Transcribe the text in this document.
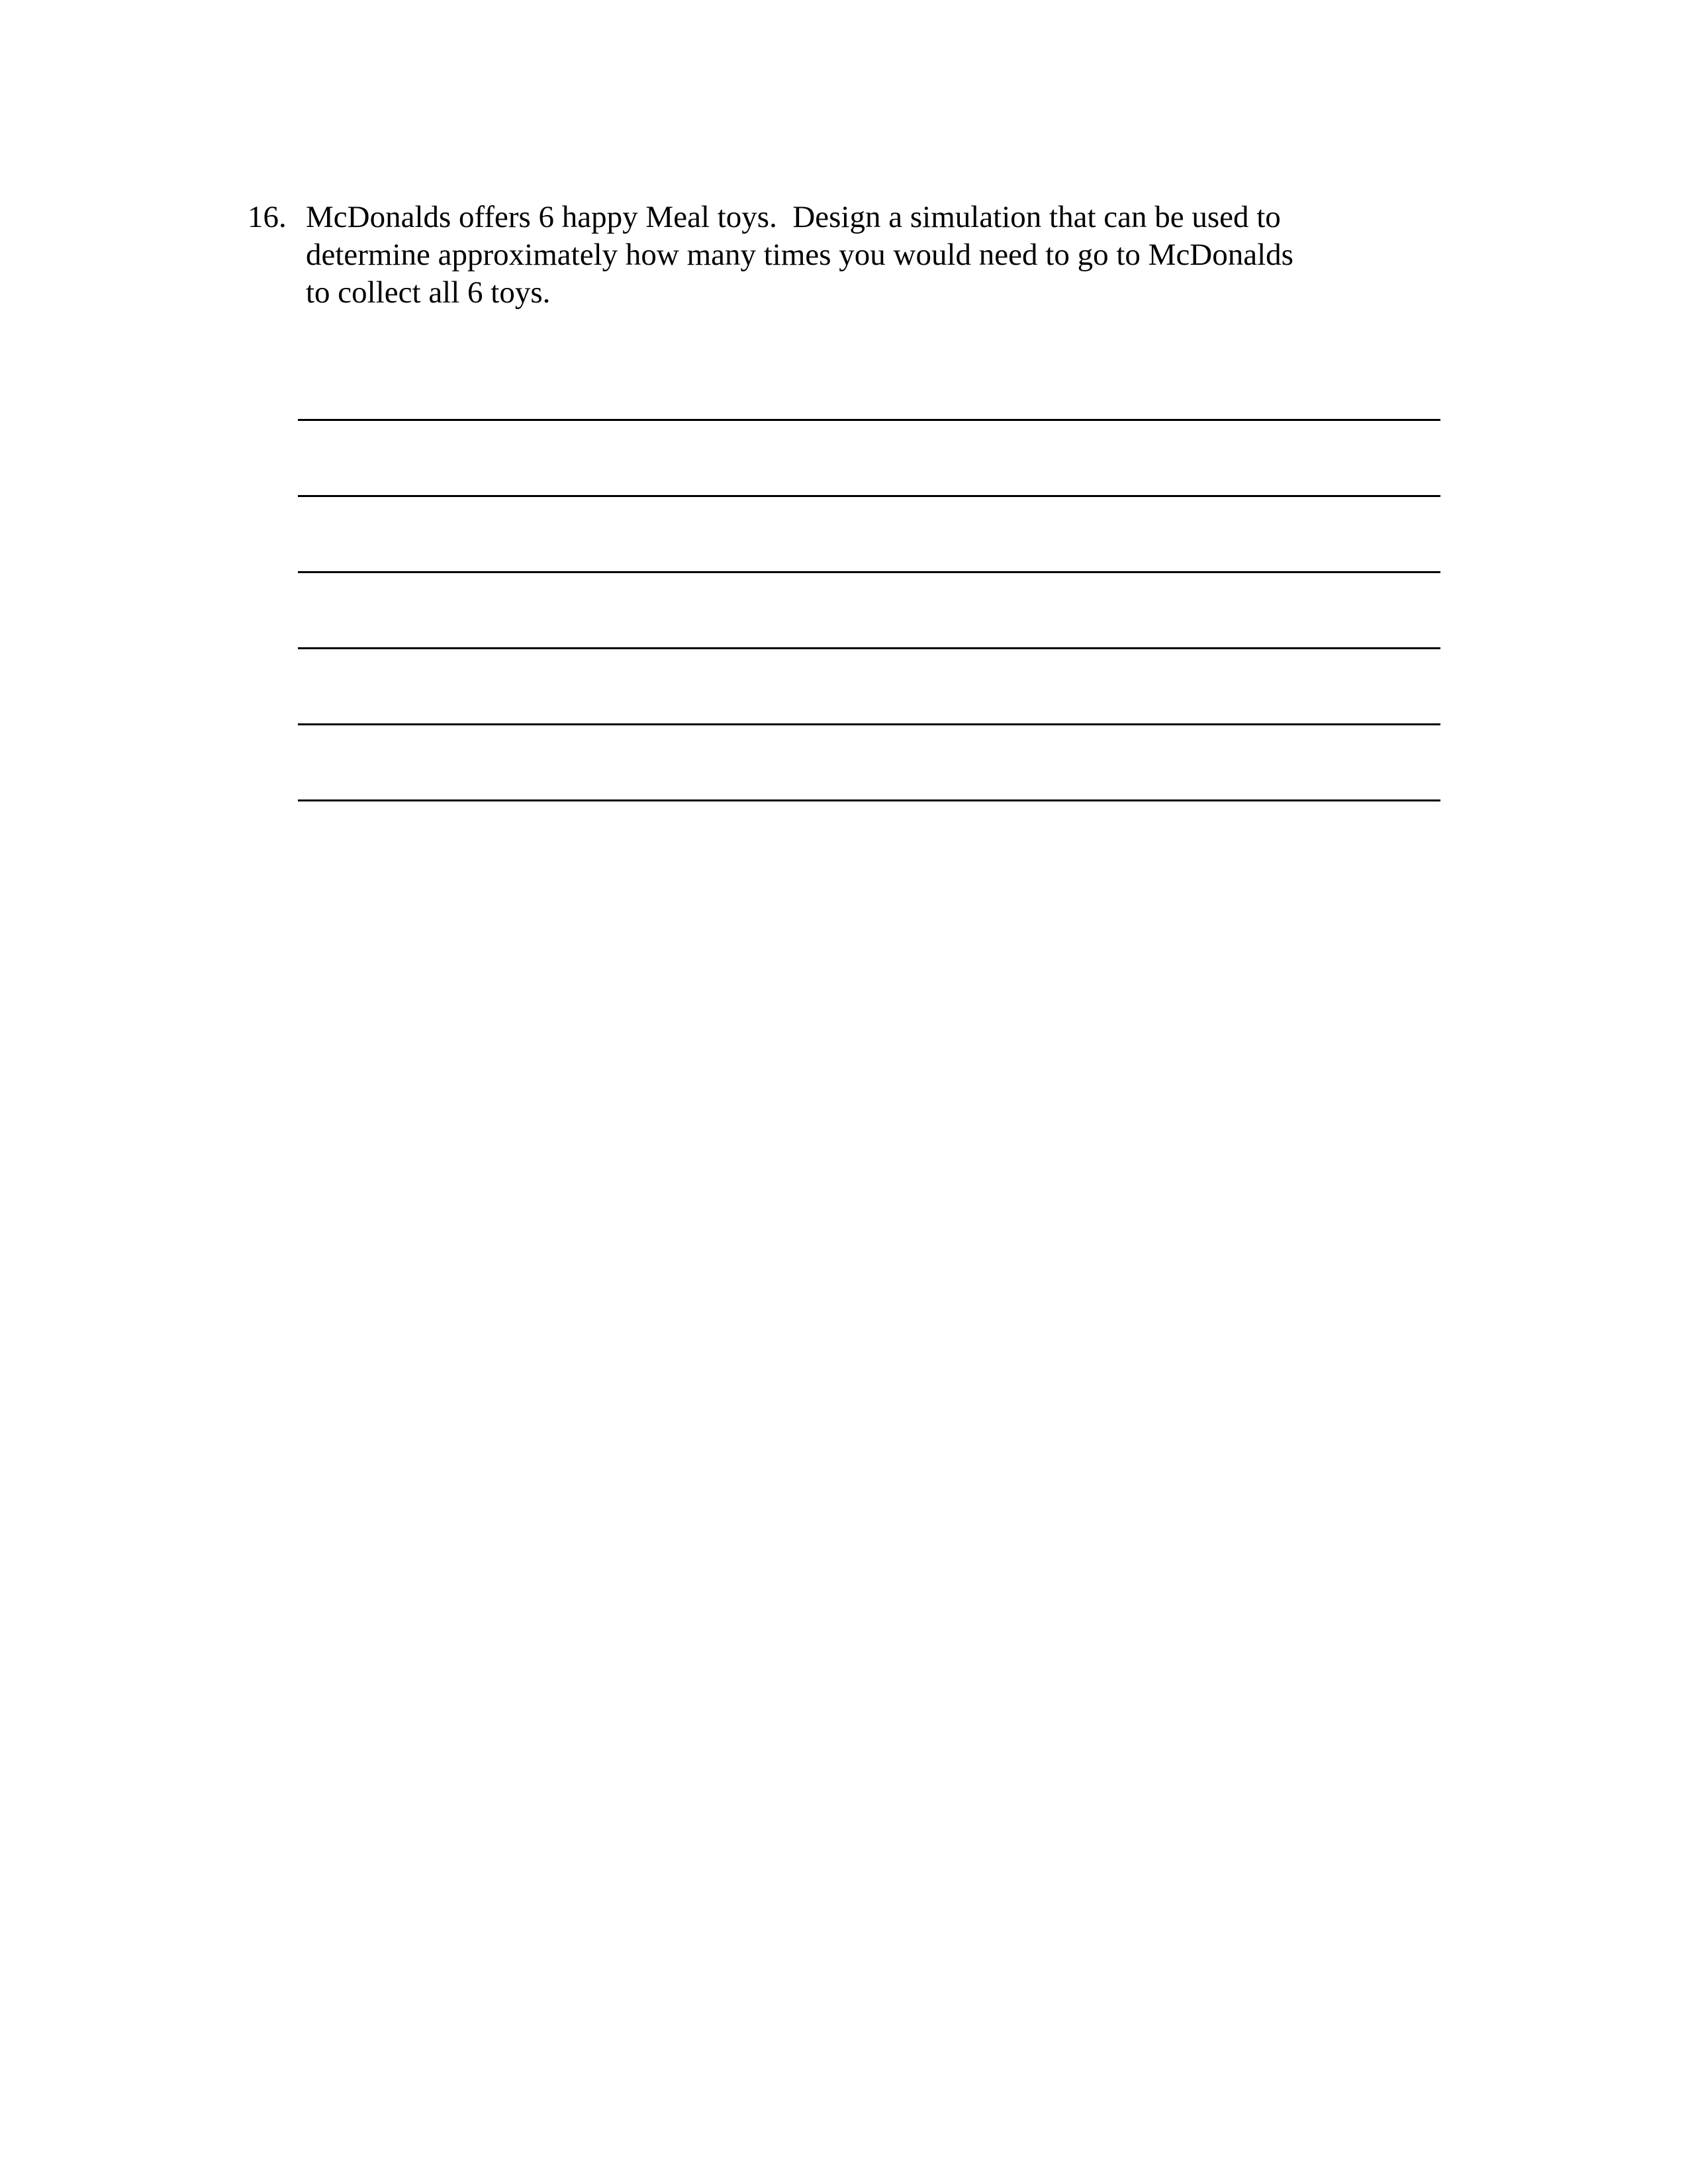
16. McDonalds offers 6 happy Meal toys.  Design a simulation that can be used to
determine approximately how many times you would need to go to McDonalds
to collect all 6 toys.
